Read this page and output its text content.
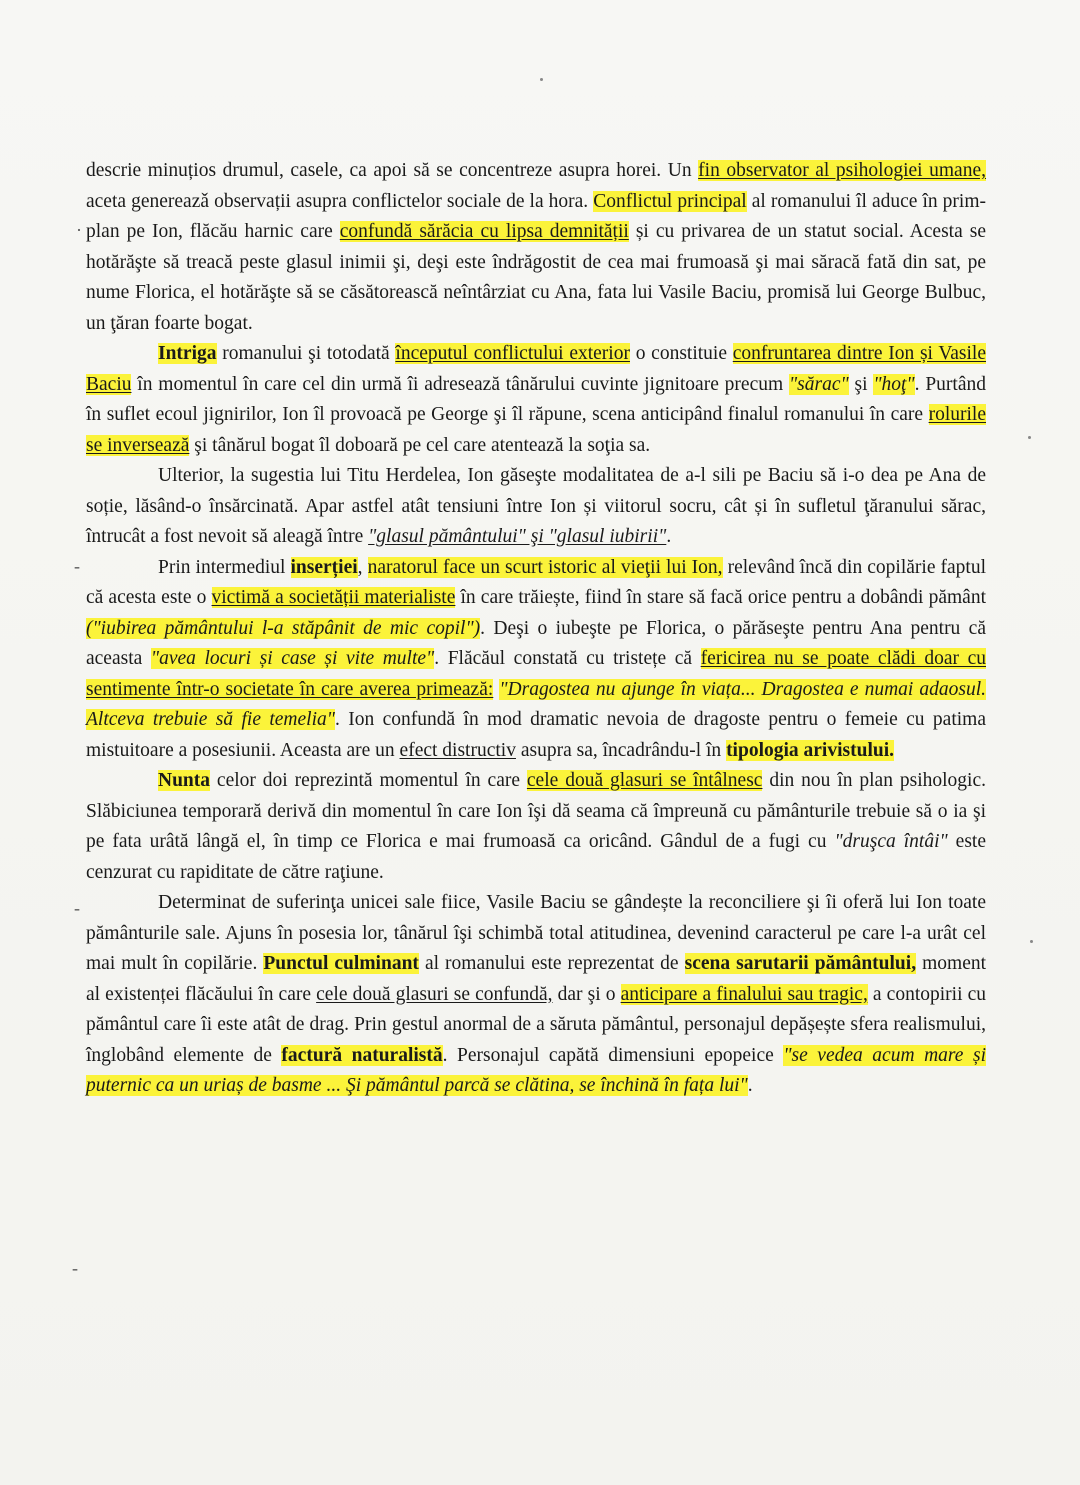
·
-
-
-

descrie minuțios drumul, casele, ca apoi să se concentreze asupra horei. Un fin observator al psihologiei umane, aceta genereazǎ observații asupra conflictelor sociale de la hora. Conflictul principal al romanului îl aduce în prim-plan pe Ion, flăcău harnic care confundă sărăcia cu lipsa demnității și cu privarea de un statut social. Acesta se hotărăşte să treacă peste glasul inimii şi, deşi este îndrăgostit de cea mai frumoasă şi mai săracă fată din sat, pe nume Florica, el hotărăşte să se căsătorească neîntârziat cu Ana, fata lui Vasile Baciu, promisă lui George Bulbuc, un ţăran foarte bogat.

Intriga romanului şi totodată începutul conflictului exterior o constituie confruntarea dintre Ion și Vasile Baciu în momentul în care cel din urmă îi adresează tânărului cuvinte jignitoare precum "sărac" şi "hoţ". Purtând în suflet ecoul jignirilor, Ion îl provoacă pe George şi îl răpune, scena anticipând finalul romanului în care rolurile se inversează şi tânărul bogat îl doboară pe cel care atentează la soţia sa.

Ulterior, la sugestia lui Titu Herdelea, Ion găseşte modalitatea de a-l sili pe Baciu să i-o dea pe Ana de soție, lăsând-o însărcinată. Apar astfel atât tensiuni între Ion și viitorul socru, cât și în sufletul ţăranului sărac, întrucât a fost nevoit să aleagă între "glasul pământului" şi "glasul iubirii".

Prin intermediul inserției, naratorul face un scurt istoric al vieţii lui Ion, relevând încă din copilărie faptul că acesta este o victimă a societății materialiste în care trăiește, fiind în stare să facă orice pentru a dobândi pământ ("iubirea pământului l-a stăpânit de mic copil"). Deşi o iubeşte pe Florica, o părăseşte pentru Ana pentru că aceasta "avea locuri și case și vite multe". Flăcăul constată cu tristețe că fericirea nu se poate clădi doar cu sentimente într-o societate în care averea primează: "Dragostea nu ajunge în viața... Dragostea e numai adaosul. Altceva trebuie să fie temelia". Ion confundă în mod dramatic nevoia de dragoste pentru o femeie cu patima mistuitoare a posesiunii. Aceasta are un efect distructiv asupra sa, încadrându-l în tipologia arivistului.

Nunta celor doi reprezintă momentul în care cele două glasuri se întâlnesc din nou în plan psihologic. Slăbiciunea temporară derivă din momentul în care Ion îşi dă seama că împreună cu pământurile trebuie să o ia şi pe fata urâtă lângă el, în timp ce Florica e mai frumoasă ca oricând. Gândul de a fugi cu "druşca întâi" este cenzurat cu rapiditate de către raţiune.

Determinat de suferinţa unicei sale fiice, Vasile Baciu se gândește la reconciliere şi îi oferă lui Ion toate pământurile sale. Ajuns în posesia lor, tânărul îşi schimbă total atitudinea, devenind caracterul pe care l-a urât cel mai mult în copilărie. Punctul culminant al romanului este reprezentat de scena sarutarii pământului, moment al existenței flăcăului în care cele două glasuri se confundă, dar şi o anticipare a finalului sau tragic, a contopirii cu pământul care îi este atât de drag. Prin gestul anormal de a săruta pământul, personajul depășește sfera realismului, înglobând elemente de factură naturalistă. Personajul capătă dimensiuni epopeice "se vedea acum mare și puternic ca un uriaș de basme ... Şi pământul parcă se clătina, se închină în fața lui".
